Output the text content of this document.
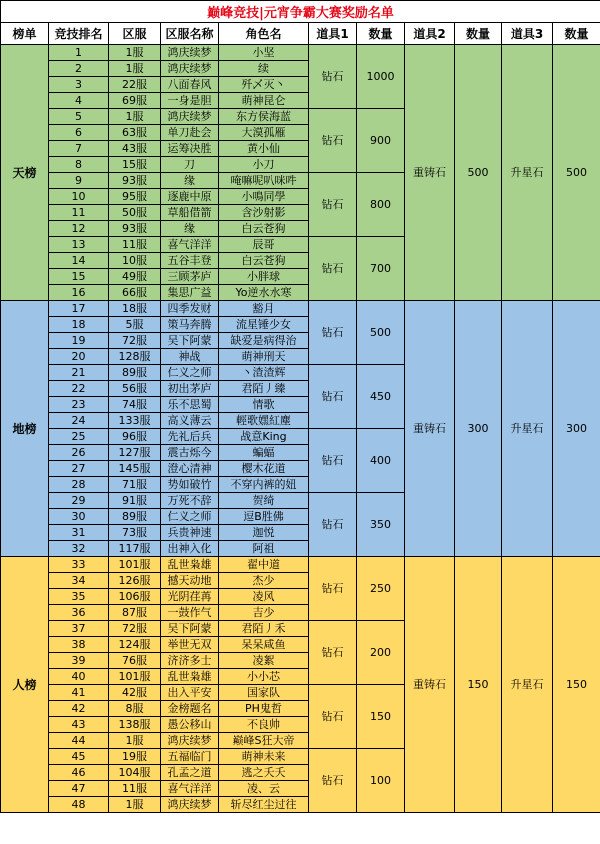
巅峰竞技|元宵争霸大赛奖励名单										
榜单	竞技排名	区服	区服名称	角色名	道具1	数量	道具2	数量	道具3	数量
天榜	1	1服	鸿庆续梦	小坚	钻石	1000	重铸石	500	升星石	500
	2	1服	鸿庆续梦	续						
	3	22服	八面春风	歼乄灭丶						
	4	69服	一身是胆	萌神昆仑						
	5	1服	鸿庆续梦	东方侯海蓝	钻石	900				
	6	63服	单刀赴会	大漠孤雁						
	7	43服	运筹决胜	黄小仙						
	8	15服	刀	小刀						
	9	93服	缘	唵嘛呢叭咪吽	钻石	800				
	10	95服	逐鹿中原	小鳴同學						
	11	50服	草船借箭	含沙射影						
	12	93服	缘	白云苍狗						
	13	11服	喜气洋洋	辰哥	钻石	700				
	14	10服	五谷丰登	白云苍狗						
	15	49服	三顾茅庐	小胖球						
	16	66服	集思广益	Yo逆水水寒						
地榜	17	18服	四季发财	豁月	钻石	500	重铸石	300	升星石	300
	18	5服	策马奔腾	流星锤少女						
	19	72服	吴下阿蒙	缺爱是病得治						
	20	128服	神战	萌神刑天						
	21	89服	仁义之师	丶渣渣辉	钻石	450				
	22	56服	初出茅庐	君陌丿臻						
	23	74服	乐不思蜀	情歌						
	24	133服	高义薄云	輕歌嫼紅塵						
	25	96服	先礼后兵	战意King	钻石	400				
	26	127服	震古烁今	蝙蝠						
	27	145服	澄心清神	樱木花道						
	28	71服	势如破竹	不穿内裤的妞						
	29	91服	万死不辞	贺绮	钻石	350				
	30	89服	仁义之师	逗B胜佛						
	31	73服	兵贵神速	迦悦						
	32	117服	出神入化	阿祖						
人榜	33	101服	乱世枭雄	翟中道	钻石	250	重铸石	150	升星石	150
	34	126服	撼天动地	杰少						
	35	106服	光阴荏苒	凌风						
	36	87服	一鼓作气	吉少						
	37	72服	吴下阿蒙	君陌丿禾	钻石	200				
	38	124服	举世无双	呆呆咸鱼						
	39	76服	济济多士	凌絮						
	40	101服	乱世枭雄	小小芯						
	41	42服	出入平安	国家队	钻石	150				
	42	8服	金榜题名	PH鬼哲						
	43	138服	愚公移山	不良帅						
	44	1服	鸿庆续梦	巅峰S狂大帝						
	45	19服	五福临门	萌神未来	钻石	100				
	46	104服	孔孟之道	逃之夭夭						
	47	11服	喜气洋洋	凌、云						
	48	1服	鸿庆续梦	斩尽红尘过往						
